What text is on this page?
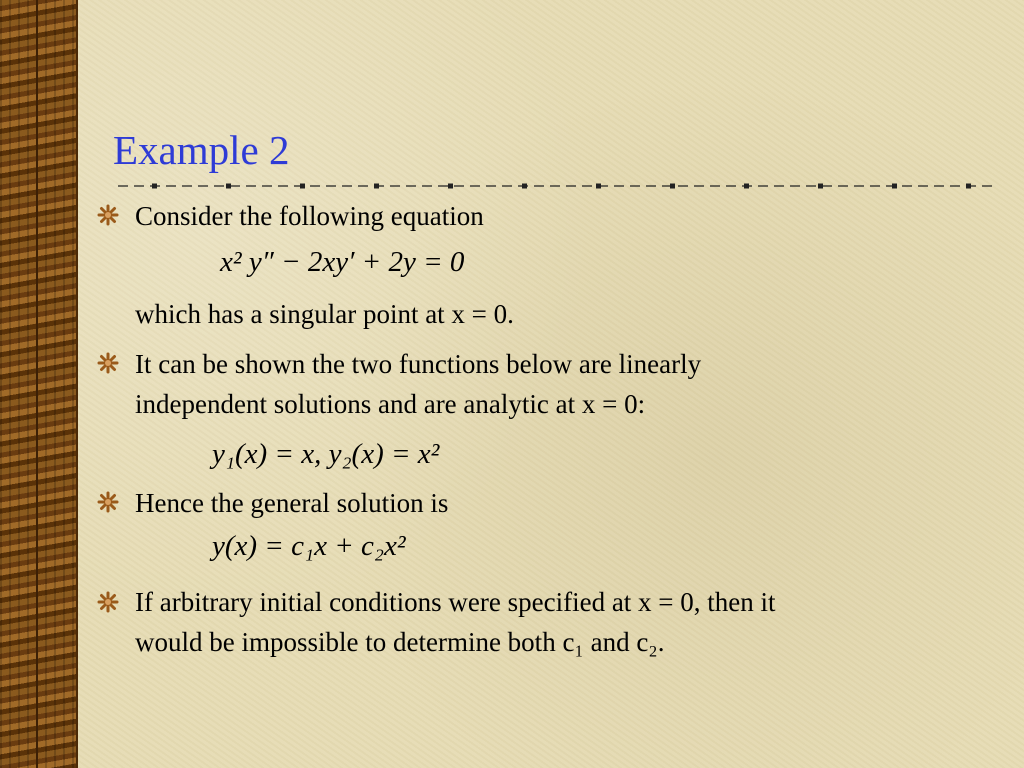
Example 2
Consider the following equation
x² y″ − 2xy′ + 2y = 0
which has a singular point at x = 0.
It can be shown the two functions below are linearly
independent solutions and are analytic at x = 0:
y₁(x) = x, y₂(x) = x²
Hence the general solution is
y(x) = c₁x + c₂x²
If arbitrary initial conditions were specified at x = 0, then it
would be impossible to determine both c₁ and c₂.
